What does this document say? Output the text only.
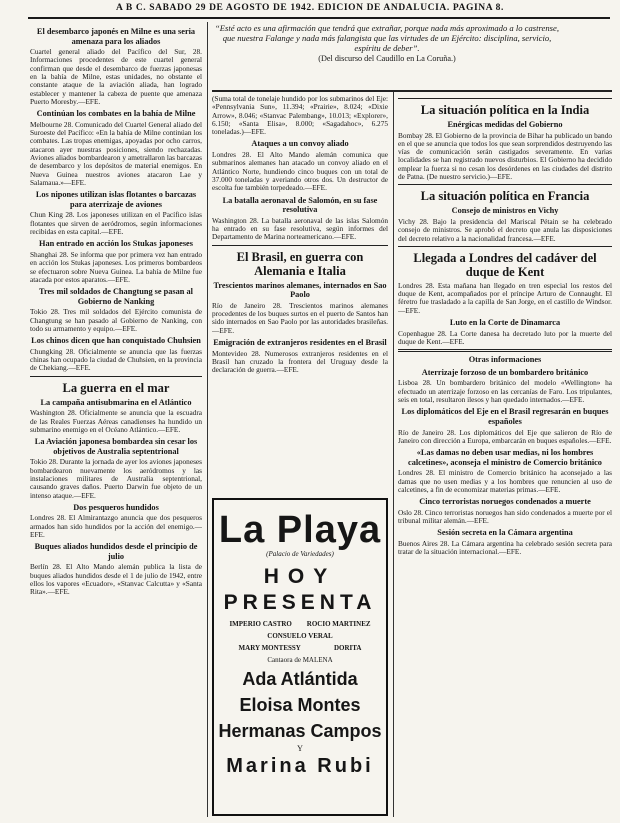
A B C. SABADO 29 DE AGOSTO DE 1942. EDICION DE ANDALUCIA. PAGINA 8.
“Esté acto es una afirmación que tendrá que extrañar, porque nada más aproximado a lo castrense, que nuestra Falange y nada más falangista que las virtudes de un Ejército: disciplina, servicio, espíritu de deber”.
(Del discurso del Caudillo en La Coruña.)
El desembarco japonés en Milne es una seria amenaza para los aliados

Cuartel general aliado del Pacífico del Sur, 28. Informaciones procedentes de este cuartel general confirman que desde el desembarco de fuerzas japonesas en la bahía de Milne, estas unidades, no obstante el constante ataque de la aviación aliada, han logrado establecer y mantener la cabeza de puente que amenaza Puerto Moresby.—EFE.

Continúan los combates en la bahía de Milne

Melbourne 28. Comunicado del Cuartel General aliado del Suroeste del Pacífico: «En la bahía de Milne continúan los combates. Las tropas enemigas, apoyadas por ocho carros, atacaron ayer nuestras posiciones, siendo rechazadas. Aviones aliados bombardearon y ametrallaron las barcazas de desembarco y los depósitos de material enemigos. En Nueva Guinea nuestros aviones atacaron Lae y Salamaua.»—EFE.

Los nipones utilizan islas flotantes o barcazas para aterrizaje de aviones

Chun King 28. Los japoneses utilizan en el Pacífico islas flotantes que sirven de aeródromos, según informaciones recibidas en esta capital.—EFE.

Han entrado en acción los Stukas japoneses

Shanghai 28. Se informa que por primera vez han entrado en acción los Stukas japoneses. Los primeros bombardeos se efectuaron sobre Nueva Guinea. La bahía de Milne fue atacada por estos aparatos.—EFE.

Tres mil soldados de Changtung se pasan al Gobierno de Nanking

Tokio 28. Tres mil soldados del Ejército comunista de Changtung se han pasado al Gobierno de Nanking, con todo su armamento y equipo.—EFE.

Los chinos dicen que han conquistado Chuhsien

Chungking 28. Oficialmente se anuncia que las fuerzas chinas han ocupado la ciudad de Chuhsien, en la provincia de Chekiang.—EFE.

La guerra en el mar
La campaña antisubmarina en el Atlántico

Washington 28. Oficialmente se anuncia que la escuadra de las Reales Fuerzas Aéreas canadienses ha hundido un submarino enemigo en el Océano Atlántico.—EFE.

La Aviación japonesa bombardea sin cesar los objetivos de Australia septentrional

Tokio 28. Durante la jornada de ayer los aviones japoneses bombardearon nuevamente los aeródromos y las instalaciones militares de Australia septentrional, causando graves daños. Puerto Darwin fue objeto de un intenso ataque.—EFE.

Dos pesqueros hundidos

Londres 28. El Almirantazgo anuncia que dos pesqueros armados han sido hundidos por la acción del enemigo.—EFE.

Buques aliados hundidos desde el principio de julio

Berlín 28. El Alto Mando alemán publica la lista de buques aliados hundidos desde el 1 de julio de 1942, entre ellos los vapores «Ecuador», «Stanvac Calcutta» y «Santa Rita».—EFE.

(Suma total de tonelaje hundido por los submarinos del Eje: «Pennsylvania Sun», 11.394; «Prairie», 8.024; «Dixie Arrow», 8.046; «Stanvac Palembang», 10.013; «Explorer», 6.150; «Santa Elisa», 8.000; «Sagadahoc», 6.275 toneladas.)—EFE.

Ataques a un convoy aliado

Londres 28. El Alto Mando alemán comunica que submarinos alemanes han atacado un convoy aliado en el Atlántico Norte, hundiendo cinco buques con un total de 37.000 toneladas y averiando otros dos. Un destructor de escolta fue también torpedeado.—EFE.

La batalla aeronaval de Salomón, en su fase resolutiva

Washington 28. La batalla aeronaval de las islas Salomón ha entrado en su fase resolutiva, según informes del Departamento de Marina norteamericano.—EFE.

El Brasil, en guerra con Alemania e Italia
Trescientos marinos alemanes, internados en Sao Paolo

Río de Janeiro 28. Trescientos marinos alemanes procedentes de los buques surtos en el puerto de Santos han sido internados en Sao Paolo por las autoridades brasileñas.—EFE.

Emigración de extranjeros residentes en el Brasil

Montevideo 28. Numerosos extranjeros residentes en el Brasil han cruzado la frontera del Uruguay desde la declaración de guerra.—EFE.

La Playa
(Palacio de Variedades)
HOY
PRESENTA
IMPERIO CASTRO ROCIO MARTINEZ
CONSUELO VERAL
MARY MONTESSY	DORITA
Cantaora de MALENA
Ada Atlántida
Eloisa Montes
Hermanas Campos
Y
Marina Rubi
La situación política en la India
Enérgicas medidas del Gobierno

Bombay 28. El Gobierno de la provincia de Bihar ha publicado un bando en el que se anuncia que todos los que sean sorprendidos destruyendo las vías de comunicación serán castigados severamente. En varias localidades se han registrado nuevos disturbios. El Gobierno ha decidido emplear la fuerza si no cesan los desórdenes en las ciudades del distrito de Patna. (De nuestro servicio.)—EFE.

La situación política en Francia
Consejo de ministros en Vichy

Vichy 28. Bajo la presidencia del Mariscal Pétain se ha celebrado consejo de ministros. Se aprobó el decreto que anula las disposiciones del decreto relativo a la nacionalidad francesa.—EFE.

Llegada a Londres del cadáver del duque de Kent

Londres 28. Esta mañana han llegado en tren especial los restos del duque de Kent, acompañados por el príncipe Arturo de Connaught. El féretro fue trasladado a la capilla de San Jorge, en el castillo de Windsor.—EFE.

Luto en la Corte de Dinamarca

Copenhague 28. La Corte danesa ha decretado luto por la muerte del duque de Kent.—EFE.

Otras informaciones
Aterrizaje forzoso de un bombardero británico

Lisboa 28. Un bombardero británico del modelo «Wellington» ha efectuado un aterrizaje forzoso en las cercanías de Faro. Los tripulantes, seis en total, resultaron ilesos y han quedado internados.—EFE.

Los diplomáticos del Eje en el Brasil regresarán en buques españoles

Río de Janeiro 28. Los diplomáticos del Eje que salieron de Río de Janeiro con dirección a Europa, embarcarán en buques españoles.—EFE.

«Las damas no deben usar medias, ni los hombres calcetines», aconseja el ministro de Comercio británico

Londres 28. El ministro de Comercio británico ha aconsejado a las damas que no usen medias y a los hombres que renuncien al uso de calcetines, a fin de economizar materias primas.—EFE.

Cinco terroristas noruegos condenados a muerte

Oslo 28. Cinco terroristas noruegos han sido condenados a muerte por el tribunal militar alemán.—EFE.

Sesión secreta en la Cámara argentina

Buenos Aires 28. La Cámara argentina ha celebrado sesión secreta para tratar de la situación internacional.—EFE.
